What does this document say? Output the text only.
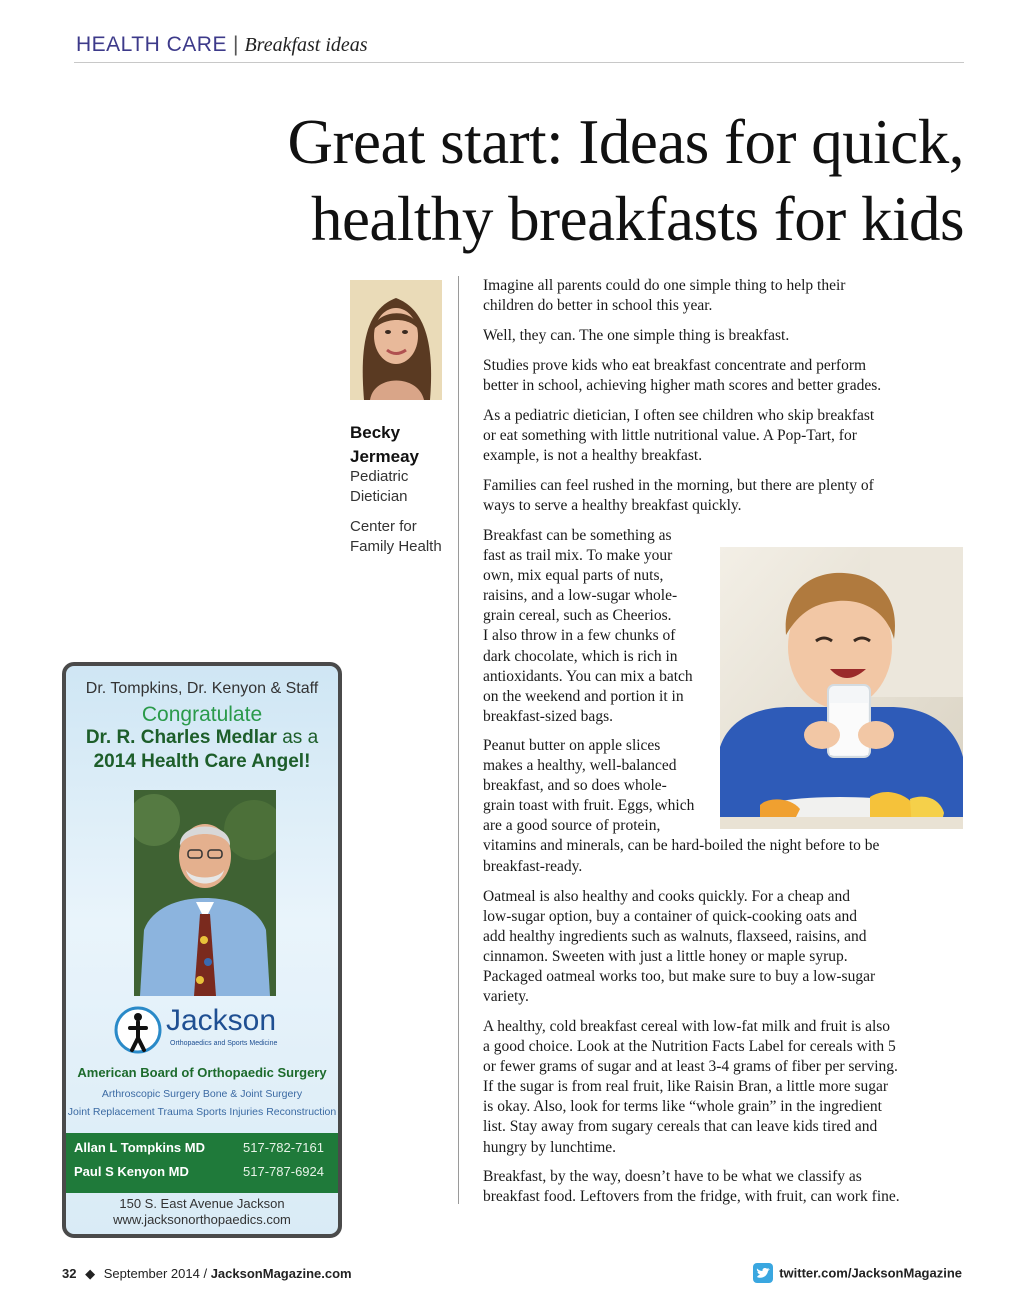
HEALTH CARE | Breakfast ideas
Great start: Ideas for quick,
healthy breakfasts for kids
Becky
Jermeay
Pediatric
Dietician
Center for
Family Health
Imagine all parents could do one simple thing to help their
children do better in school this year.
Well, they can. The one simple thing is breakfast.
Studies prove kids who eat breakfast concentrate and perform
better in school, achieving higher math scores and better grades.
As a pediatric dietician, I often see children who skip breakfast
or eat something with little nutritional value. A Pop-Tart, for
example, is not a healthy breakfast.
Families can feel rushed in the morning, but there are plenty of
ways to serve a healthy breakfast quickly.
Breakfast can be something as
fast as trail mix. To make your
own, mix equal parts of nuts,
raisins, and a low-sugar whole-
grain cereal, such as Cheerios.
I also throw in a few chunks of
dark chocolate, which is rich in
antioxidants. You can mix a batch
on the weekend and portion it in
breakfast-sized bags.
Peanut butter on apple slices
makes a healthy, well-balanced
breakfast, and so does whole-
grain toast with fruit. Eggs, which
are a good source of protein,
vitamins and minerals, can be hard-boiled the night before to be
breakfast-ready.
Oatmeal is also healthy and cooks quickly. For a cheap and
low-sugar option, buy a container of quick-cooking oats and
add healthy ingredients such as walnuts, flaxseed, raisins, and
cinnamon. Sweeten with just a little honey or maple syrup.
Packaged oatmeal works too, but make sure to buy a low-sugar
variety.
A healthy, cold breakfast cereal with low-fat milk and fruit is also
a good choice. Look at the Nutrition Facts Label for cereals with 5
or fewer grams of sugar and at least 3-4 grams of fiber per serving.
If the sugar is from real fruit, like Raisin Bran, a little more sugar
is okay. Also, look for terms like “whole grain” in the ingredient
list. Stay away from sugary cereals that can leave kids tired and
hungry by lunchtime.
Breakfast, by the way, doesn’t have to be what we classify as
breakfast food. Leftovers from the fridge, with fruit, can work fine.
Dr. Tompkins, Dr. Kenyon & Staff
Congratulate
Dr. R. Charles Medlar as a
2014 Health Care Angel!
Jackson
Orthopaedics and Sports Medicine
American Board of Orthopaedic Surgery
Arthroscopic Surgery Bone & Joint Surgery
Joint Replacement Trauma Sports Injuries Reconstruction
Allan L Tompkins MD	517-782-7161
Paul S Kenyon MD	517-787-6924
150 S. East Avenue Jackson
www.jacksonorthopaedics.com
32 ◆ September 2014 / JacksonMagazine.com	twitter.com/JacksonMagazine
